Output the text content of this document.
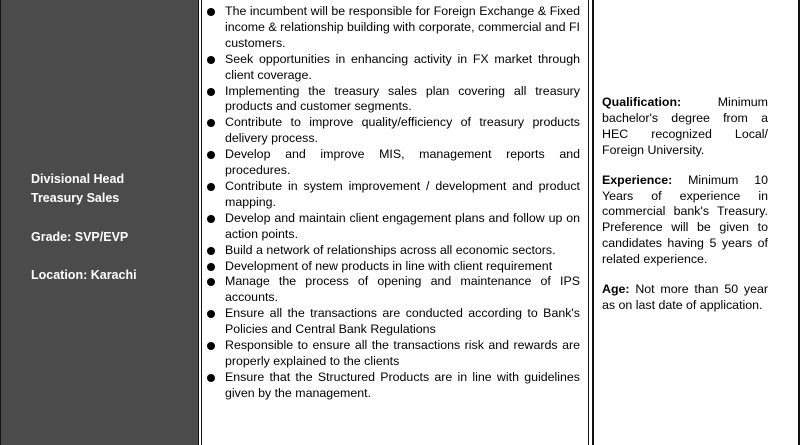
Divisional Head
Treasury Sales
Grade: SVP/EVP
Location: Karachi
The incumbent will be responsible for Foreign Exchange & Fixed income & relationship building with corporate, commercial and FI customers.
Seek opportunities in enhancing activity in FX market through client coverage.
Implementing the treasury sales plan covering all treasury products and customer segments.
Contribute to improve quality/efficiency of treasury products delivery process.
Develop and improve MIS, management reports and procedures.
Contribute in system improvement / development and product mapping.
Develop and maintain client engagement plans and follow up on action points.
Build a network of relationships across all economic sectors.
Development of new products in line with client requirement
Manage the process of opening and maintenance of IPS accounts.
Ensure all the transactions are conducted according to Bank's Policies and Central Bank Regulations
Responsible to ensure all the transactions risk and rewards are properly explained to the clients
Ensure that the Structured Products are in line with guidelines given by the management.

Qualification: Minimum bachelor's degree from a HEC recognized Local/ Foreign University.

Experience: Minimum 10 Years of experience in commercial bank's Treasury. Preference will be given to candidates having 5 years of related experience.

Age: Not more than 50 year as on last date of application.
